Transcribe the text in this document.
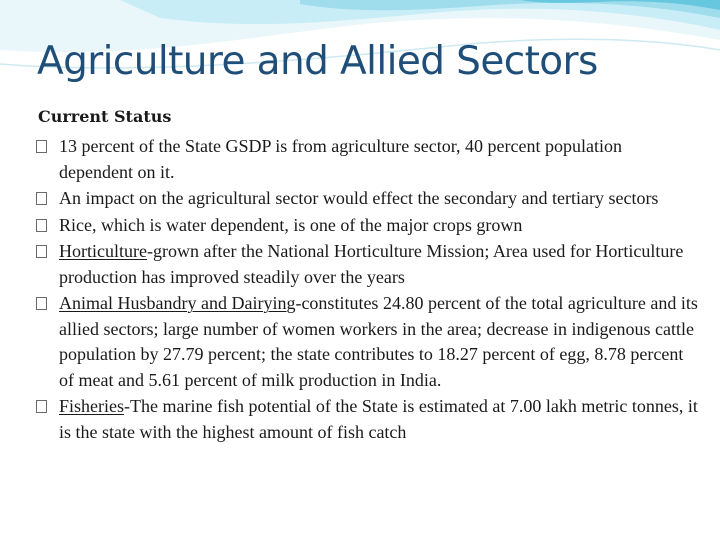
Agriculture and Allied Sectors
Current Status
13 percent of the State GSDP is from agriculture sector, 40 percent population dependent on it.
An impact on the agricultural sector would effect the secondary and tertiary sectors
Rice, which is water dependent, is one of the major crops grown
Horticulture-grown after the National Horticulture Mission; Area used for Horticulture production has improved steadily over the years
Animal Husbandry and Dairying-constitutes 24.80 percent of the total agriculture and its allied sectors; large number of women workers in the area; decrease in indigenous cattle population by 27.79 percent; the state contributes to 18.27 percent of egg, 8.78 percent of meat and 5.61 percent of milk production in India.
Fisheries-The marine fish potential of the State is estimated at 7.00 lakh metric tonnes, it is the state with the highest amount of fish catch
